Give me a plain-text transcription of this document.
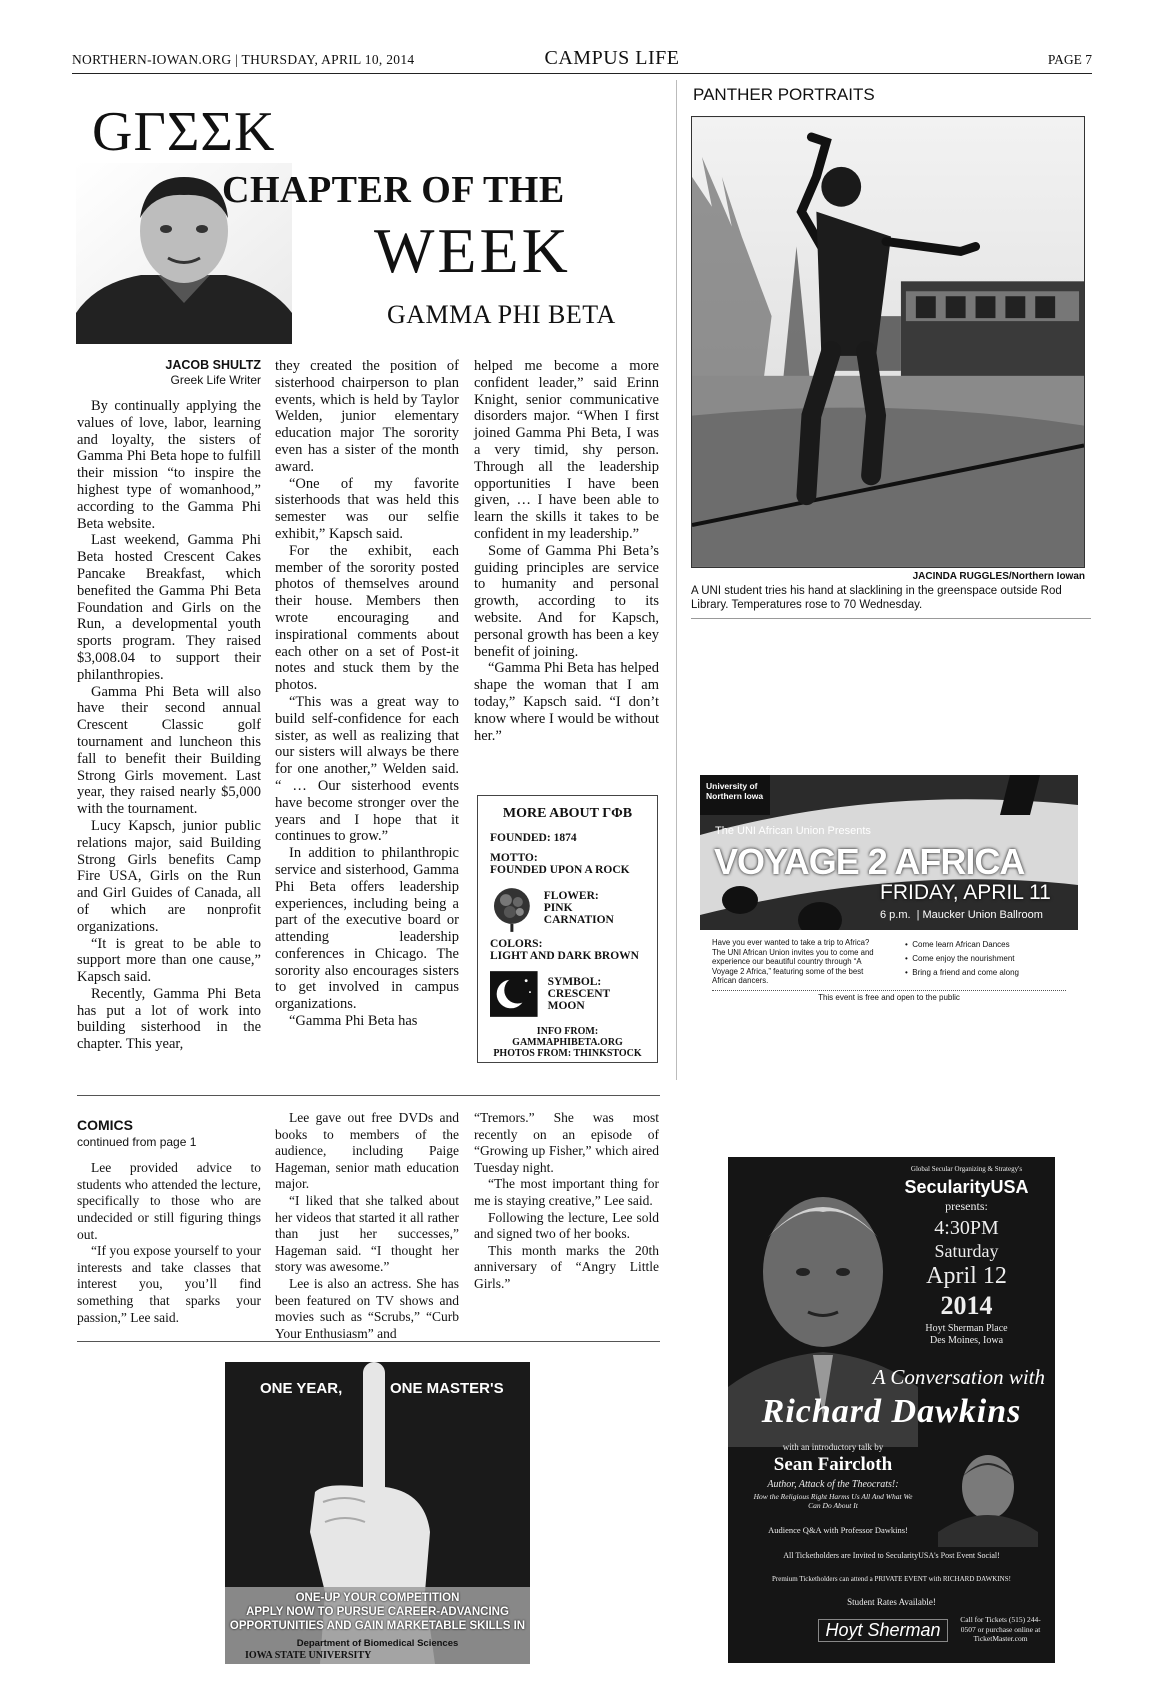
NORTHERN-IOWAN.ORG | THURSDAY, APRIL 10, 2014	CAMPUS LIFE	PAGE 7
GΓΣΣK
CHAPTER OF THE
WEEK
GAMMA PHI BETA
JACOB SHULTZ
Greek Life Writer

By continually applying the values of love, labor, learning and loyalty, the sisters of Gamma Phi Beta hope to fulfill their mission “to inspire the highest type of womanhood,” according to the Gamma Phi Beta website.

Last weekend, Gamma Phi Beta hosted Crescent Cakes Pancake Breakfast, which benefited the Gamma Phi Beta Foundation and Girls on the Run, a developmental youth sports program. They raised $3,008.04 to support their philanthropies.

Gamma Phi Beta will also have their second annual Crescent Classic golf tournament and luncheon this fall to benefit their Building Strong Girls movement. Last year, they raised nearly $5,000 with the tournament.

Lucy Kapsch, junior public relations major, said Building Strong Girls benefits Camp Fire USA, Girls on the Run and Girl Guides of Canada, all of which are nonprofit organizations.

“It is great to be able to support more than one cause,” Kapsch said.

Recently, Gamma Phi Beta has put a lot of work into building sisterhood in the chapter. This year,

they created the position of sisterhood chairperson to plan events, which is held by Taylor Welden, junior elementary education major The sorority even has a sister of the month award.

“One of my favorite sisterhoods that was held this semester was our selfie exhibit,” Kapsch said.

For the exhibit, each member of the sorority posted photos of themselves around their house. Members then wrote encouraging and inspirational comments about each other on a set of Post-it notes and stuck them by the photos.

“This was a great way to build self-confidence for each sister, as well as realizing that our sisters will always be there for one another,” Welden said. “ … Our sisterhood events have become stronger over the years and I hope that it continues to grow.”

In addition to philanthropic service and sisterhood, Gamma Phi Beta offers leadership experiences, including being a part of the executive board or attending leadership conferences in Chicago. The sorority also encourages sisters to get involved in campus organizations.

“Gamma Phi Beta has

helped me become a more confident leader,” said Erinn Knight, senior communicative disorders major. “When I first joined Gamma Phi Beta, I was a very timid, shy person. Through all the leadership opportunities I have been given, … I have been able to learn the skills it takes to be confident in my leadership.”

Some of Gamma Phi Beta’s guiding principles are service to humanity and personal growth, according to its website. And for Kapsch, personal growth has been a key benefit of joining.

“Gamma Phi Beta has helped shape the woman that I am today,” Kapsch said. “I don’t know where I would be without her.”

MORE ABOUT ΓΦB
FOUNDED: 1874
MOTTO:
FOUNDED UPON A ROCK
FLOWER:
PINK CARNATION
COLORS:
LIGHT AND DARK BROWN
SYMBOL:
CRESCENT MOON
INFO FROM: GAMMAPHIBETA.ORG
PHOTOS FROM: THINKSTOCK
COMICS
continued from page 1

Lee provided advice to students who attended the lecture, specifically to those who are undecided or still figuring things out.

“If you expose yourself to your interests and take classes that interest you, you’ll find something that sparks your passion,” Lee said.

Lee gave out free DVDs and books to members of the audience, including Paige Hageman, senior math education major.

“I liked that she talked about her videos that started it all rather than just her successes,” Hageman said. “I thought her story was awesome.”

Lee is also an actress. She has been featured on TV shows and movies such as “Scrubs,” “Curb Your Enthusiasm” and

“Tremors.” She was most recently on an episode of “Growing up Fisher,” which aired Tuesday night.

“The most important thing for me is staying creative,” Lee said.

Following the lecture, Lee sold and signed two of her books.

This month marks the 20th anniversary of “Angry Little Girls.”

PANTHER PORTRAITS
JACINDA RUGGLES/Northern Iowan
A UNI student tries his hand at slacklining in the greenspace outside Rod Library. Temperatures rose to 70 Wednesday.
University of Northern Iowa
The UNI African Union Presents
VOYAGE 2 AFRICA
FRIDAY, APRIL 11
6 p.m. | Maucker Union Ballroom
Have you ever wanted to take a trip to Africa? The UNI African Union invites you to come and experience our beautiful country through “A Voyage 2 Africa,” featuring some of the best African dancers.
•  Come learn African Dances
•  Come enjoy the nourishment
•  Bring a friend and come along
This event is free and open to the public
Global Secular Organizing & Strategy's
SecularityUSA
presents:
4:30PM
Saturday
April 12
2014
Hoyt Sherman Place
Des Moines, Iowa
A Conversation with
Richard Dawkins
with an introductory talk by
Sean Faircloth
Author, Attack of the Theocrats!:
How the Religious Right Harms Us All And What We Can Do About It
Audience Q&A with Professor Dawkins!
All Ticketholders are Invited to SecularityUSA's Post Event Social!
Premium Ticketholders can attend a PRIVATE EVENT with RICHARD DAWKINS!
Student Rates Available!
Hoyt Sherman
Call for Tickets (515) 244-0507 or purchase online at TicketMaster.com
ONE YEAR,	ONE MASTER'S
ONE-UP YOUR COMPETITION
APPLY NOW TO PURSUE CAREER-ADVANCING
OPPORTUNITIES AND GAIN MARKETABLE SKILLS IN
Department of Biomedical Sciences
IOWA STATE UNIVERSITY
